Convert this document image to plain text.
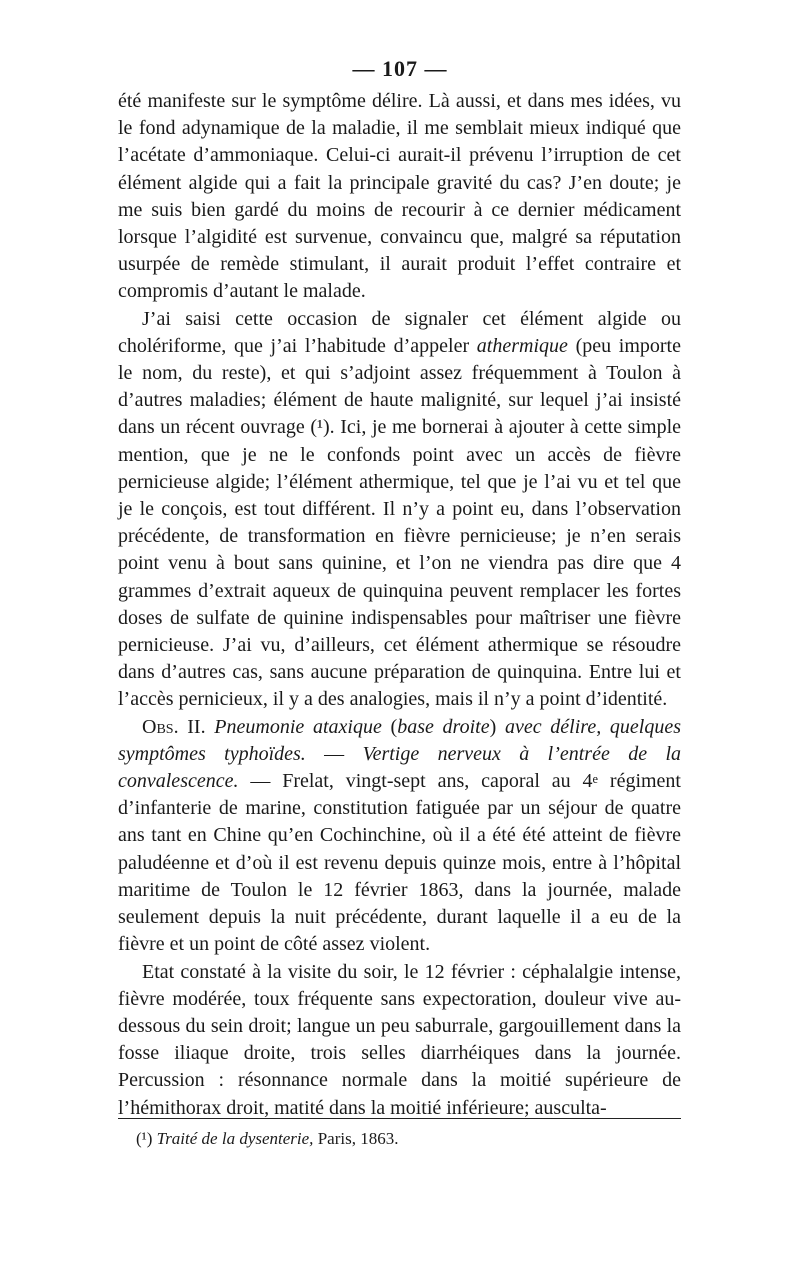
— 107 —

été manifeste sur le symptôme délire. Là aussi, et dans mes idées, vu le fond adynamique de la maladie, il me semblait mieux indiqué que l’acétate d’ammoniaque. Celui-ci aurait-il prévenu l’irruption de cet élément algide qui a fait la principale gravité du cas? J’en doute; je me suis bien gardé du moins de recourir à ce dernier médicament lorsque l’algidité est survenue, convaincu que, malgré sa réputation usurpée de remède stimulant, il aurait produit l’effet contraire et compromis d’autant le malade.

J’ai saisi cette occasion de signaler cet élément algide ou cholériforme, que j’ai l’habitude d’appeler athermique (peu importe le nom, du reste), et qui s’adjoint assez fréquemment à Toulon à d’autres maladies; élément de haute malignité, sur lequel j’ai insisté dans un récent ouvrage (¹). Ici, je me bornerai à ajouter à cette simple mention, que je ne le confonds point avec un accès de fièvre pernicieuse algide; l’élément athermique, tel que je l’ai vu et tel que je le conçois, est tout différent. Il n’y a point eu, dans l’observation précédente, de transformation en fièvre pernicieuse; je n’en serais point venu à bout sans quinine, et l’on ne viendra pas dire que 4 grammes d’extrait aqueux de quinquina peuvent remplacer les fortes doses de sulfate de quinine indispensables pour maîtriser une fièvre pernicieuse. J’ai vu, d’ailleurs, cet élément athermique se résoudre dans d’autres cas, sans aucune préparation de quinquina. Entre lui et l’accès pernicieux, il y a des analogies, mais il n’y a point d’identité.

Obs. II. Pneumonie ataxique (base droite) avec délire, quelques symptômes typhoïdes. — Vertige nerveux à l’entrée de la convalescence. — Frelat, vingt-sept ans, caporal au 4e régiment d’infanterie de marine, constitution fatiguée par un séjour de quatre ans tant en Chine qu’en Cochinchine, où il a été été atteint de fièvre paludéenne et d’où il est revenu depuis quinze mois, entre à l’hôpital maritime de Toulon le 12 février 1863, dans la journée, malade seulement depuis la nuit précédente, durant laquelle il a eu de la fièvre et un point de côté assez violent.

Etat constaté à la visite du soir, le 12 février : céphalalgie intense, fièvre modérée, toux fréquente sans expectoration, douleur vive au-dessous du sein droit; langue un peu saburrale, gargouillement dans la fosse iliaque droite, trois selles diarrhéiques dans la journée. Percussion : résonnance normale dans la moitié supérieure de l’hémithorax droit, matité dans la moitié inférieure; ausculta-

(¹) Traité de la dysenterie, Paris, 1863.
